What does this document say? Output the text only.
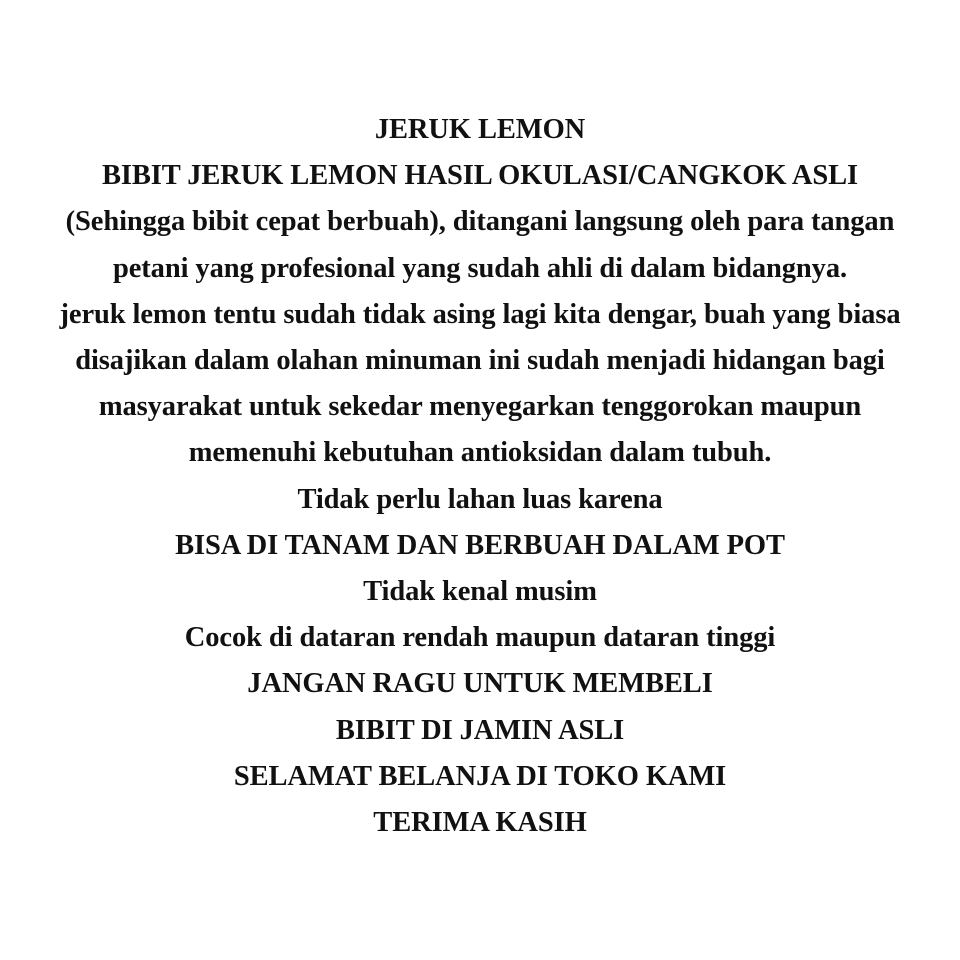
JERUK LEMON
BIBIT JERUK LEMON HASIL OKULASI/CANGKOK ASLI
(Sehingga bibit cepat berbuah), ditangani langsung oleh para tangan
petani yang profesional yang sudah ahli di dalam bidangnya.
jeruk lemon tentu sudah tidak asing lagi kita dengar, buah yang biasa
disajikan dalam olahan minuman ini sudah menjadi hidangan bagi
masyarakat untuk sekedar menyegarkan tenggorokan maupun
memenuhi kebutuhan antioksidan dalam tubuh.
Tidak perlu lahan luas karena
BISA DI TANAM DAN BERBUAH DALAM POT
Tidak kenal musim
Cocok di dataran rendah maupun dataran tinggi
JANGAN RAGU UNTUK MEMBELI
BIBIT DI JAMIN ASLI
SELAMAT BELANJA DI TOKO KAMI
TERIMA KASIH
